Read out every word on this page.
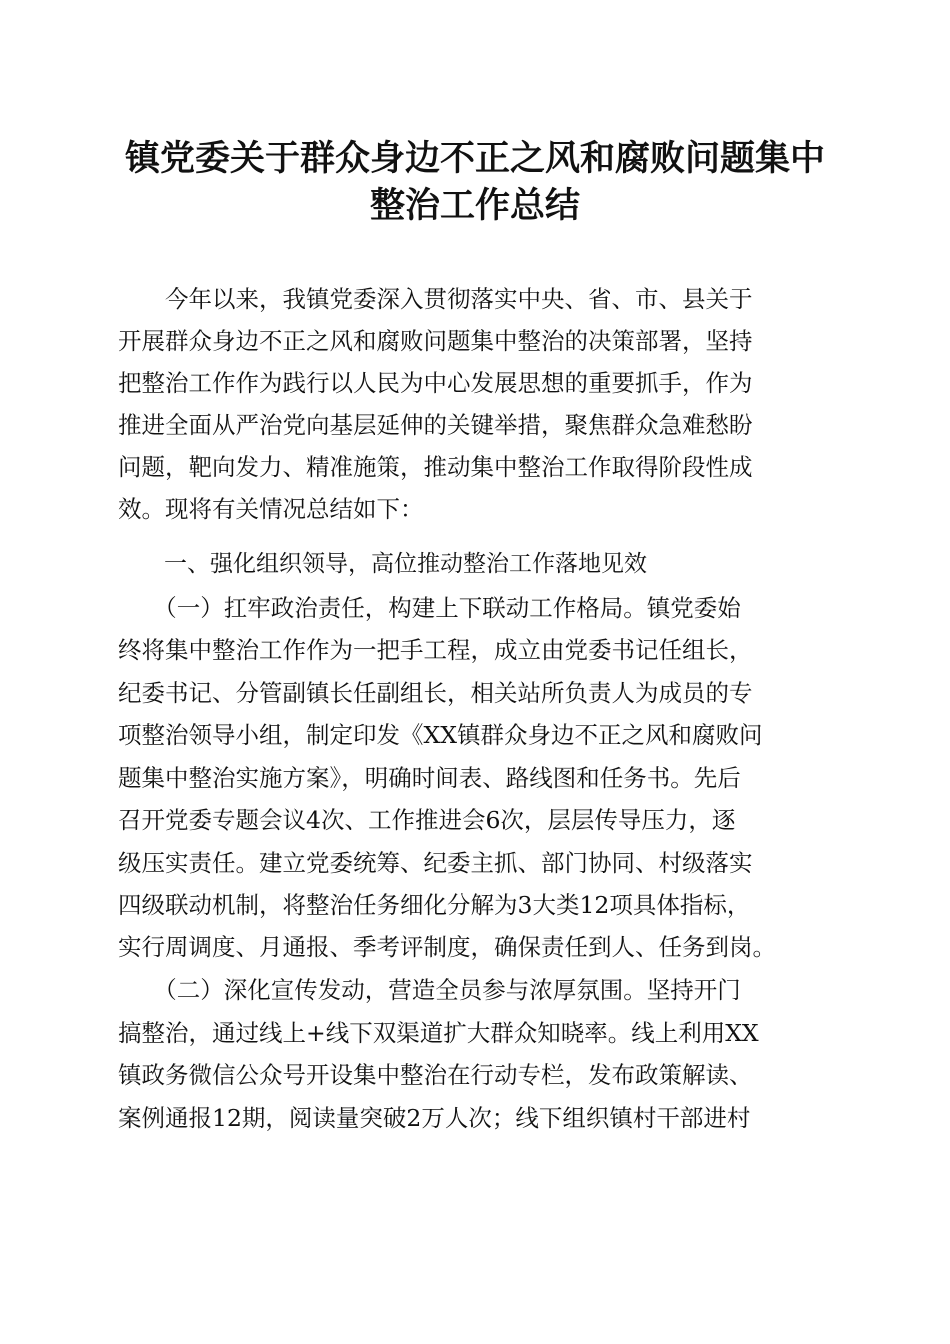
镇党委关于群众身边不正之风和腐败问题集中
整治工作总结

　　今年以来，我镇党委深入贯彻落实中央、省、市、县关于

开展群众身边不正之风和腐败问题集中整治的决策部署，坚持

把整治工作作为践行以人民为中心发展思想的重要抓手，作为

推进全面从严治党向基层延伸的关键举措，聚焦群众急难愁盼

问题，靶向发力、精准施策，推动集中整治工作取得阶段性成

效。现将有关情况总结如下：

　　一、强化组织领导，高位推动整治工作落地见效

　　（一）扛牢政治责任，构建上下联动工作格局。镇党委始

终将集中整治工作作为一把手工程，成立由党委书记任组长，

纪委书记、分管副镇长任副组长，相关站所负责人为成员的专

项整治领导小组，制定印发《XX镇群众身边不正之风和腐败问

题集中整治实施方案》，明确时间表、路线图和任务书。先后

召开党委专题会议4次、工作推进会6次，层层传导压力，逐

级压实责任。建立党委统筹、纪委主抓、部门协同、村级落实

四级联动机制，将整治任务细化分解为3大类12项具体指标，

实行周调度、月通报、季考评制度，确保责任到人、任务到岗。

　　（二）深化宣传发动，营造全员参与浓厚氛围。坚持开门

搞整治，通过线上+线下双渠道扩大群众知晓率。线上利用XX

镇政务微信公众号开设集中整治在行动专栏，发布政策解读、

案例通报12期，阅读量突破2万人次；线下组织镇村干部进村
